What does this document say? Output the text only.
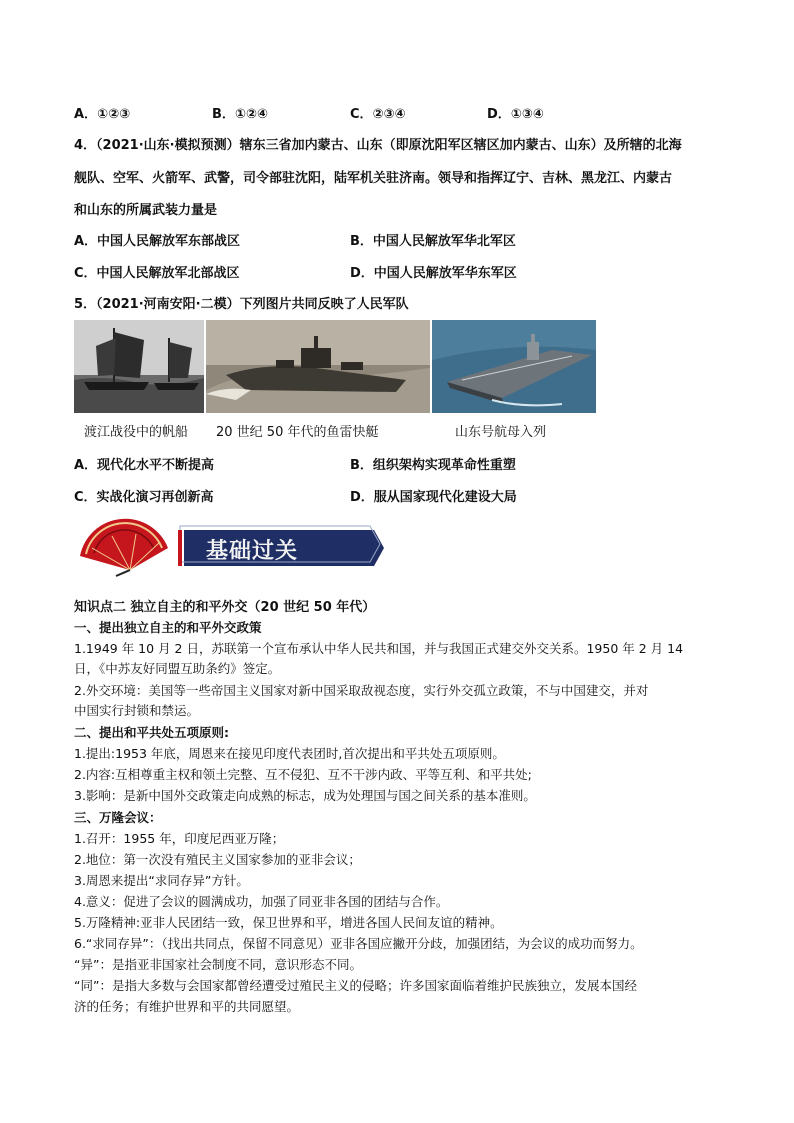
A．①②③	B．①②④	C．②③④	D．①③④
4．（2021·山东·模拟预测）辖东三省加内蒙古、山东（即原沈阳军区辖区加内蒙古、山东）及所辖的北海
舰队、空军、火箭军、武警，司令部驻沈阳，陆军机关驻济南。领导和指挥辽宁、吉林、黑龙江、内蒙古
和山东的所属武装力量是
A．中国人民解放军东部战区	B．中国人民解放军华北军区
C．中国人民解放军北部战区	D．中国人民解放军华东军区
5．（2021·河南安阳·二模）下列图片共同反映了人民军队
渡江战役中的帆船 20 世纪 50 年代的鱼雷快艇	山东号航母入列
A．现代化水平不断提高	B．组织架构实现革命性重塑
C．实战化演习再创新高	D．服从国家现代化建设大局
基础过关
知识点二 独立自主的和平外交（20 世纪 50 年代）
一、提出独立自主的和平外交政策
1.1949 年 10 月 2 日，苏联第一个宣布承认中华人民共和国，并与我国正式建交外交关系。1950 年 2 月 14
日，《中苏友好同盟互助条约》签定。
2.外交环境：美国等一些帝国主义国家对新中国采取敌视态度，实行外交孤立政策，不与中国建交，并对
中国实行封锁和禁运。
二、提出和平共处五项原则:
1.提出:1953 年底，周恩来在接见印度代表团时,首次提出和平共处五项原则。
2.内容:互相尊重主权和领土完整、互不侵犯、互不干涉内政、平等互利、和平共处;
3.影响：是新中国外交政策走向成熟的标志，成为处理国与国之间关系的基本准则。
三、万隆会议：
1.召开：1955 年，印度尼西亚万隆；
2.地位：第一次没有殖民主义国家参加的亚非会议；
3.周恩来提出“求同存异”方针。
4.意义：促进了会议的圆满成功，加强了同亚非各国的团结与合作。
5.万隆精神:亚非人民团结一致，保卫世界和平，增进各国人民间友谊的精神。
6.“求同存异”：（找出共同点，保留不同意见）亚非各国应撇开分歧，加强团结，为会议的成功而努力。
“异”：是指亚非国家社会制度不同，意识形态不同。
“同”：是指大多数与会国家都曾经遭受过殖民主义的侵略；许多国家面临着维护民族独立，发展本国经
济的任务；有维护世界和平的共同愿望。
